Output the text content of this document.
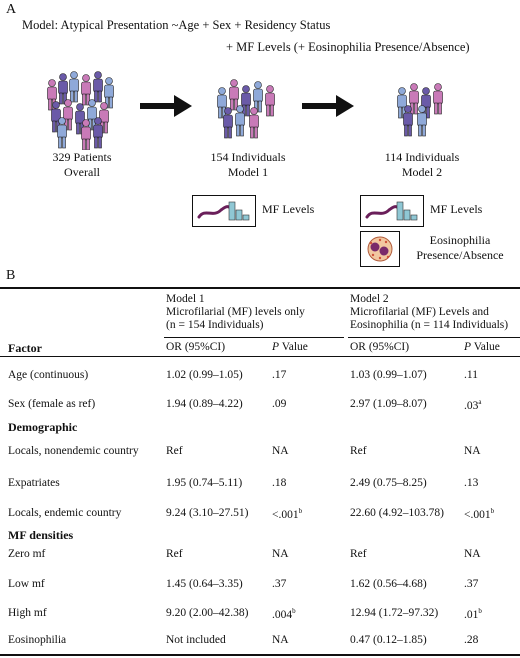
A
Model: Atypical Presentation ~Age + Sex + Residency Status
+ MF Levels (+ Eosinophilia Presence/Absence)
329 Patients
Overall
154 Individuals
Model 1
114 Individuals
Model 2
MF Levels	MF Levels
Eosinophilia
Presence/Absence
B
Model 1
Microfilarial (MF) levels only
(n = 154 Individuals)
Model 2
Microfilarial (MF) Levels and
Eosinophilia (n = 114 Individuals)
Factor	OR (95%CI)	P Value	OR (95%CI)	P Value
Age (continuous)	1.02 (0.99–1.05)	.17	1.03 (0.99–1.07)	.11
Sex (female as ref)	1.94 (0.89–4.22)	.09	2.97 (1.09–8.07)	.03$^a$
Demographic
Locals, nonendemic country Ref	NA	Ref	NA
Expatriates	1.95 (0.74–5.11)	.18	2.49 (0.75–8.25)	.13
Locals, endemic country	9.24 (3.10–27.51) <.001$^b$	22.60 (4.92–103.78) <.001$^b$
MF densities
Zero mf	Ref	NA	Ref	NA
Low mf	1.45 (0.64–3.35)	.37	1.62 (0.56–4.68)	.37
High mf	9.20 (2.00–42.38) .004$^b$	12.94 (1.72–97.32) .01$^b$
Eosinophilia	Not included	NA	0.47 (0.12–1.85)	.28
